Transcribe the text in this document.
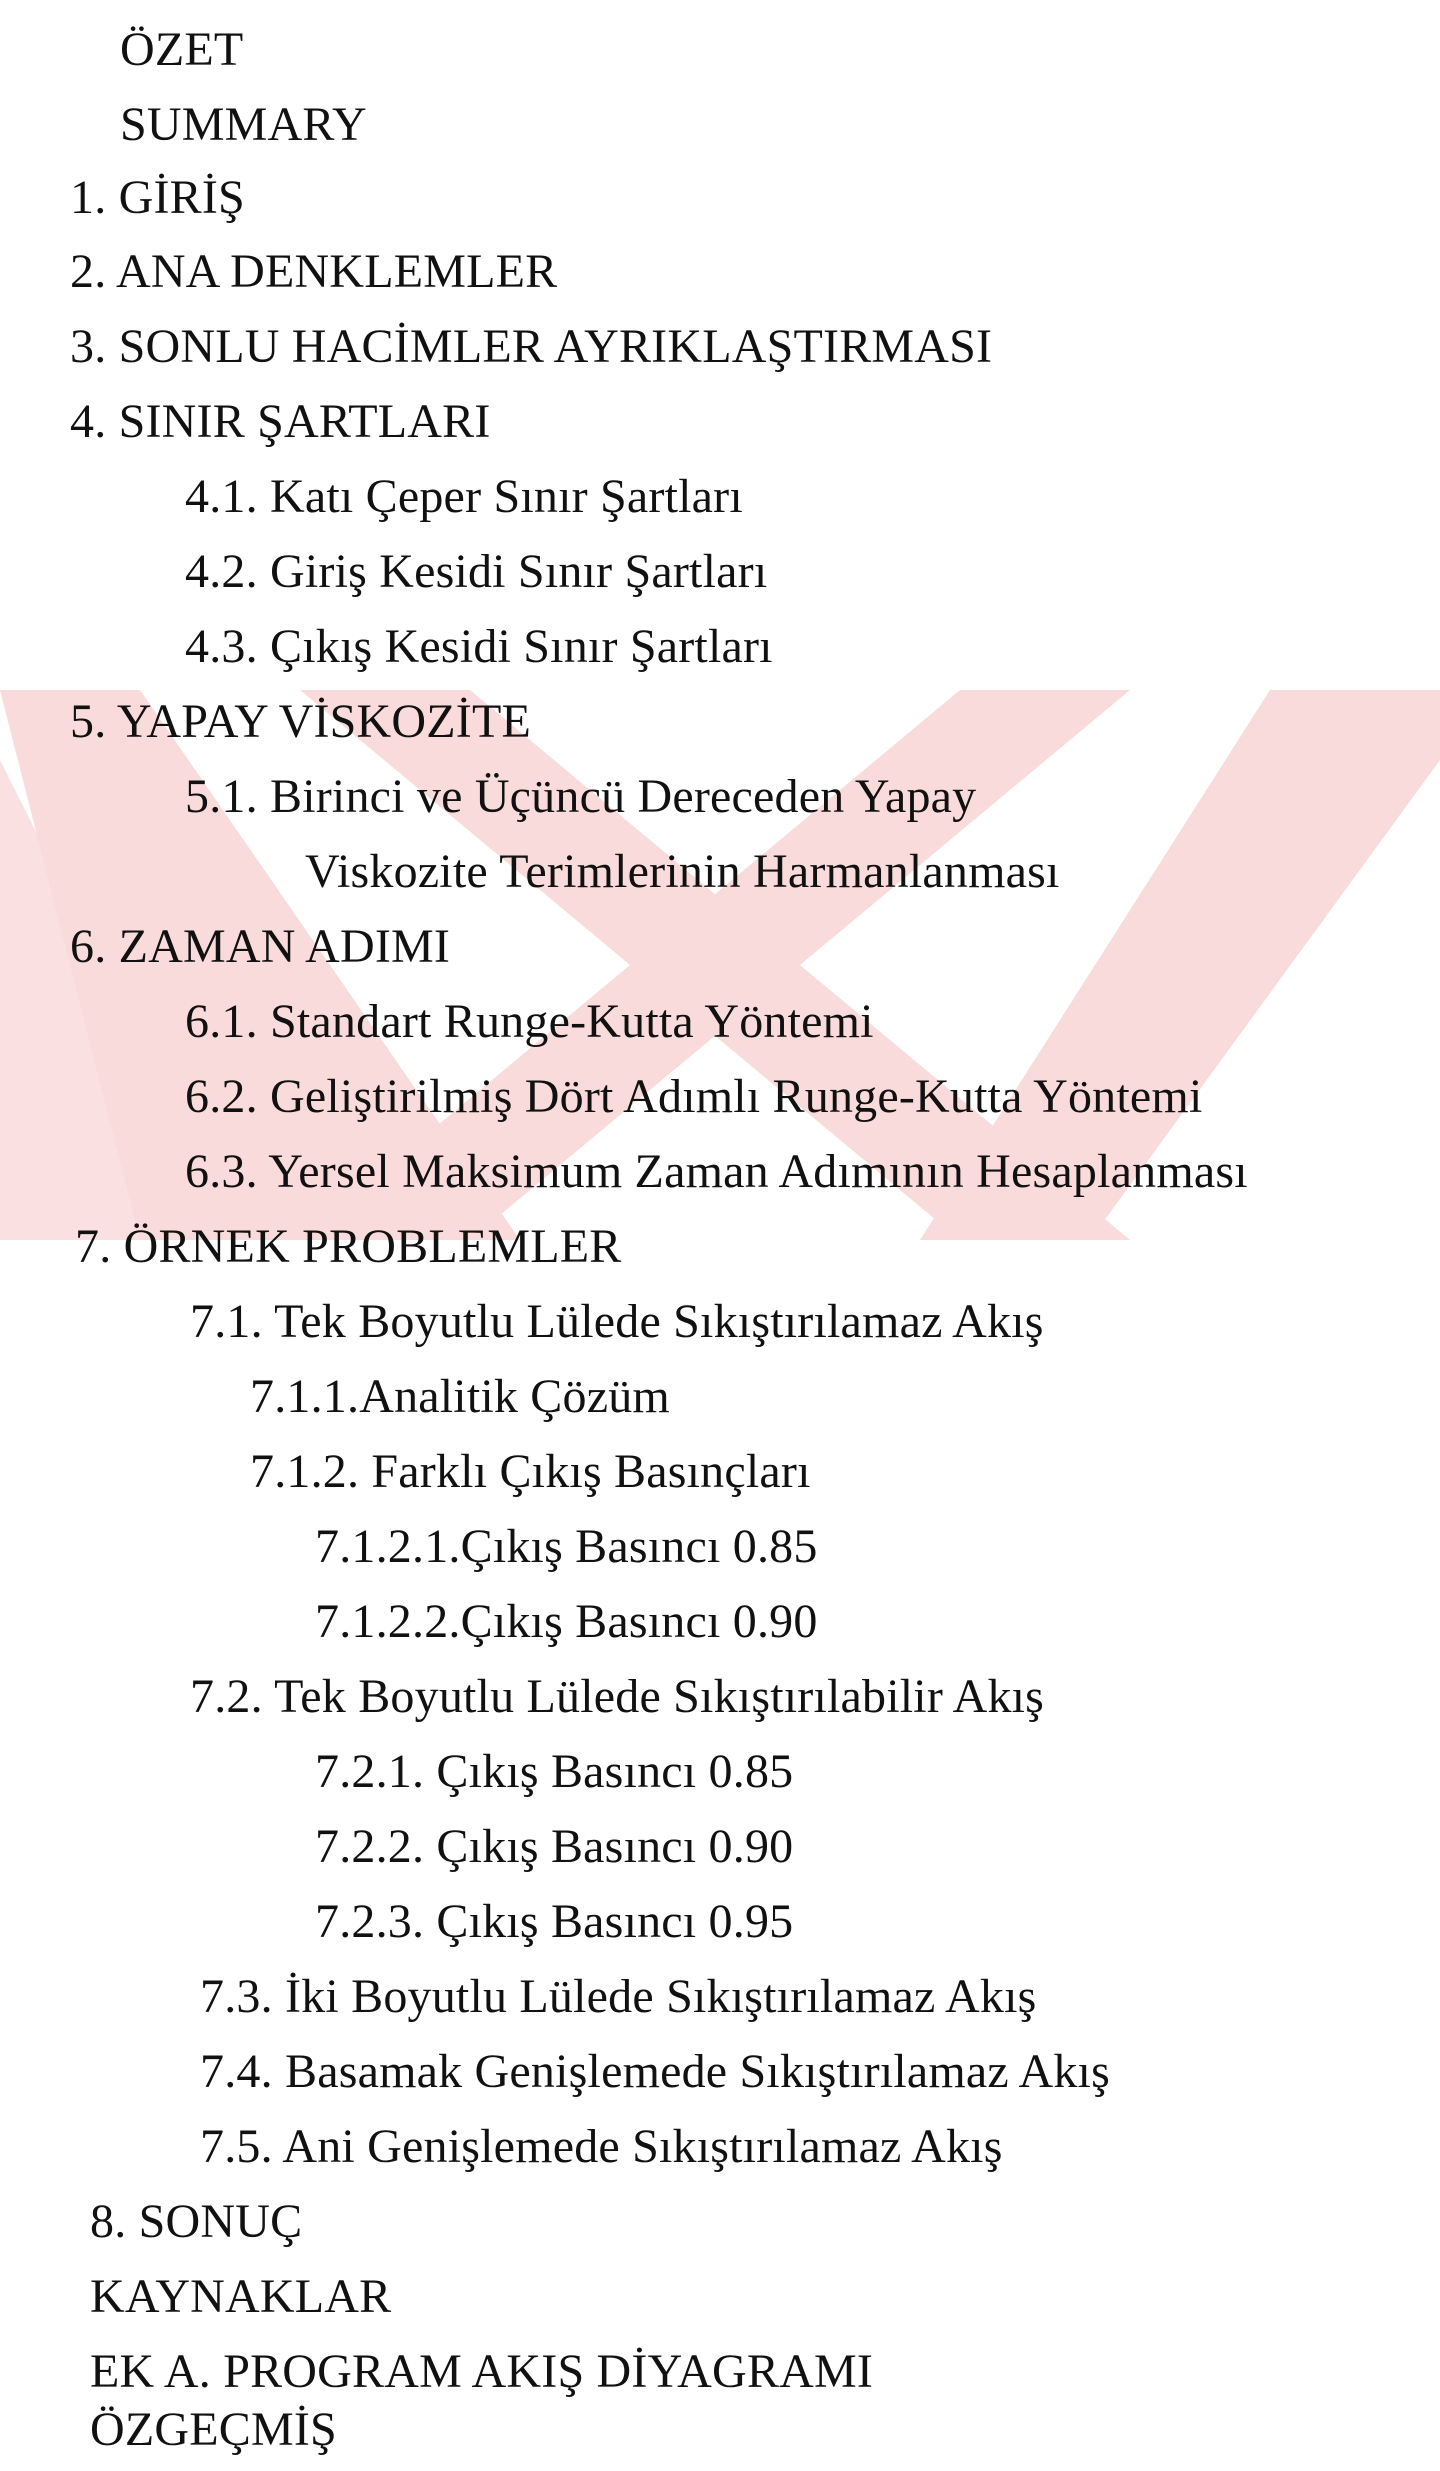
ÖZET
SUMMARY
1. GİRİŞ
2. ANA DENKLEMLER
3. SONLU HACİMLER AYRIKLAŞTIRMASI
4. SINIR ŞARTLARI
4.1. Katı Çeper Sınır Şartları
4.2. Giriş Kesidi Sınır Şartları
4.3. Çıkış Kesidi Sınır Şartları
5. YAPAY VİSKOZİTE
5.1. Birinci ve Üçüncü Dereceden Yapay
Viskozite Terimlerinin Harmanlanması
6. ZAMAN ADIMI
6.1. Standart Runge-Kutta Yöntemi
6.2. Geliştirilmiş Dört Adımlı Runge-Kutta Yöntemi
6.3. Yersel Maksimum Zaman Adımının Hesaplanması
7. ÖRNEK PROBLEMLER
7.1. Tek Boyutlu Lülede Sıkıştırılamaz Akış
7.1.1.Analitik Çözüm
7.1.2. Farklı Çıkış Basınçları
7.1.2.1.Çıkış Basıncı 0.85
7.1.2.2.Çıkış Basıncı 0.90
7.2. Tek Boyutlu Lülede Sıkıştırılabilir Akış
7.2.1. Çıkış Basıncı 0.85
7.2.2. Çıkış Basıncı 0.90
7.2.3. Çıkış Basıncı 0.95
7.3. İki Boyutlu Lülede Sıkıştırılamaz Akış
7.4. Basamak Genişlemede Sıkıştırılamaz Akış
7.5. Ani Genişlemede Sıkıştırılamaz Akış
8. SONUÇ
KAYNAKLAR
EK A. PROGRAM AKIŞ DİYAGRAMI
ÖZGEÇMİŞ
